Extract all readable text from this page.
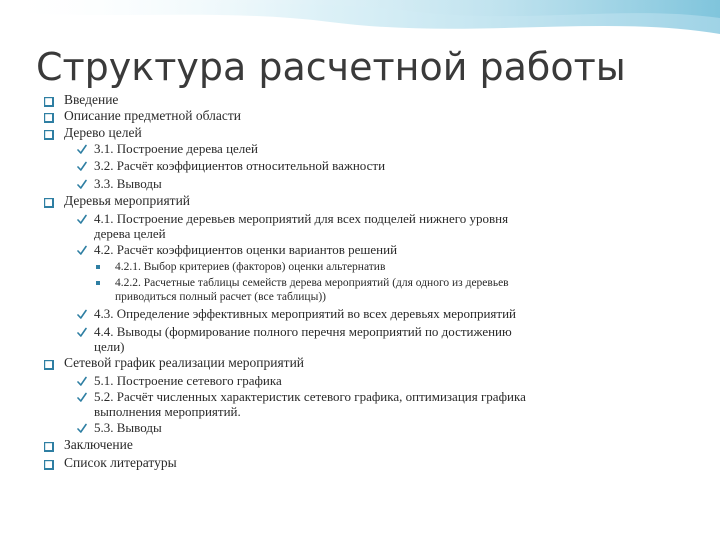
Структура расчетной работы
Введение
Описание предметной области
Дерево целей
3.1. Построение дерева целей
3.2. Расчёт коэффициентов относительной важности
3.3. Выводы
Деревья мероприятий
4.1. Построение деревьев мероприятий для всех подцелей нижнего уровня
дерева целей
4.2. Расчёт коэффициентов оценки вариантов решений
4.2.1. Выбор критериев (факторов) оценки альтернатив
4.2.2. Расчетные таблицы семейств дерева мероприятий (для одного из деревьев
приводиться полный расчет (все таблицы))
4.3. Определение эффективных мероприятий во всех деревьях мероприятий
4.4. Выводы (формирование полного перечня мероприятий по достижению
цели)
Сетевой график реализации мероприятий
5.1. Построение сетевого графика
5.2. Расчёт численных характеристик сетевого графика, оптимизация графика
выполнения мероприятий.
5.3. Выводы
Заключение
Список литературы
